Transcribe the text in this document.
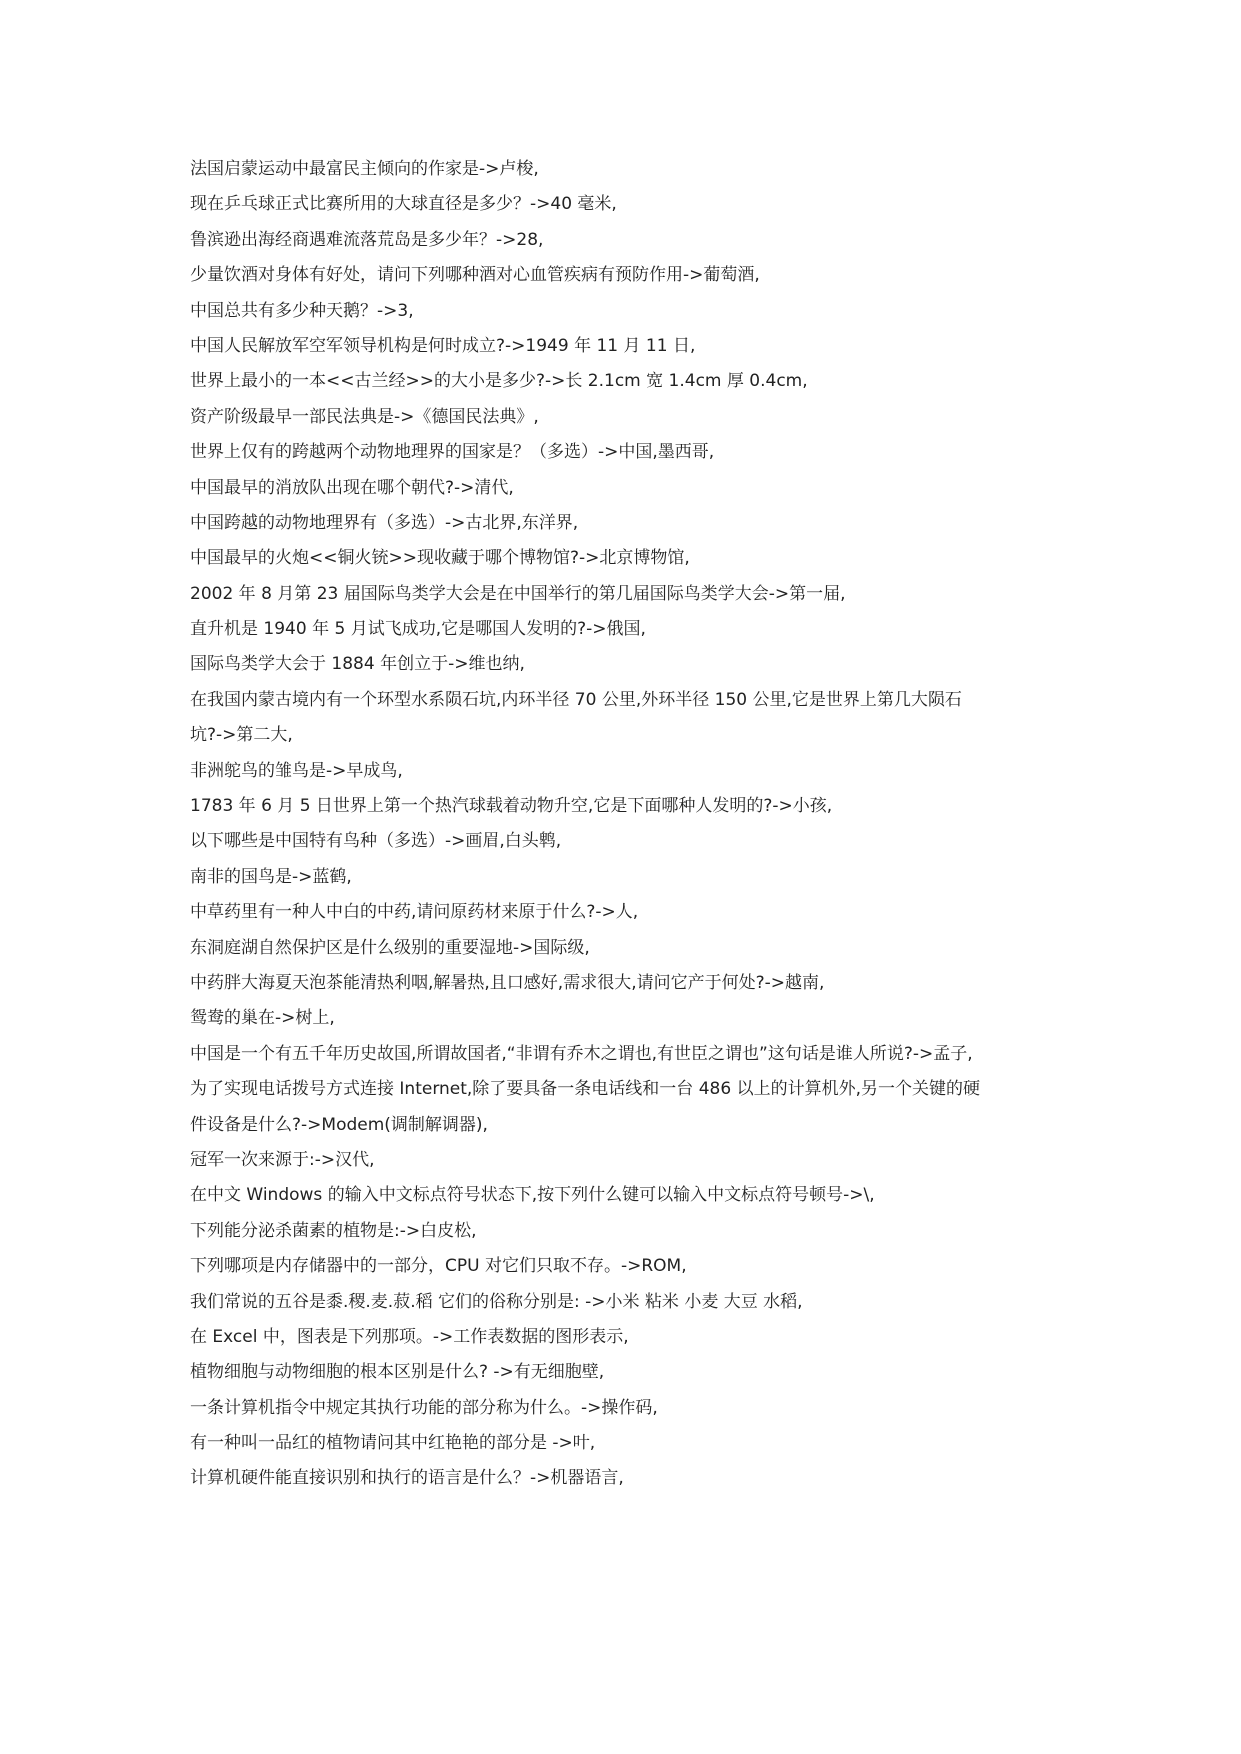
法国启蒙运动中最富民主倾向的作家是->卢梭,
现在乒乓球正式比赛所用的大球直径是多少？->40 毫米,
鲁滨逊出海经商遇难流落荒岛是多少年？->28,
少量饮酒对身体有好处，请问下列哪种酒对心血管疾病有预防作用->葡萄酒,
中国总共有多少种天鹅？->3,
中国人民解放军空军领导机构是何时成立?->1949 年 11 月 11 日,
世界上最小的一本<<古兰经>>的大小是多少?->长 2.1cm 宽 1.4cm 厚 0.4cm,
资产阶级最早一部民法典是->《德国民法典》,
世界上仅有的跨越两个动物地理界的国家是？（多选）->中国,墨西哥,
中国最早的消放队出现在哪个朝代?->清代,
中国跨越的动物地理界有（多选）->古北界,东洋界,
中国最早的火炮<<铜火铳>>现收藏于哪个博物馆?->北京博物馆,
2002 年 8 月第 23 届国际鸟类学大会是在中国举行的第几届国际鸟类学大会->第一届,
直升机是 1940 年 5 月试飞成功,它是哪国人发明的?->俄国,
国际鸟类学大会于 1884 年创立于->维也纳,
在我国内蒙古境内有一个环型水系陨石坑,内环半径 70 公里,外环半径 150 公里,它是世界上第几大陨石
坑?->第二大,
非洲鸵鸟的雏鸟是->早成鸟,
1783 年 6 月 5 日世界上第一个热汽球载着动物升空,它是下面哪种人发明的?->小孩,
以下哪些是中国特有鸟种（多选）->画眉,白头鹎,
南非的国鸟是->蓝鹤,
中草药里有一种人中白的中药,请问原药材来原于什么?->人,
东洞庭湖自然保护区是什么级别的重要湿地->国际级,
中药胖大海夏天泡茶能清热利咽,解暑热,且口感好,需求很大,请问它产于何处?->越南,
鸳鸯的巢在->树上,
中国是一个有五千年历史故国,所谓故国者,“非谓有乔木之谓也,有世臣之谓也”这句话是谁人所说?->孟子,
为了实现电话拨号方式连接 Internet,除了要具备一条电话线和一台 486 以上的计算机外,另一个关键的硬
件设备是什么?->Modem(调制解调器),
冠军一次来源于:->汉代,
在中文 Windows 的输入中文标点符号状态下,按下列什么键可以输入中文标点符号顿号->\,
下列能分泌杀菌素的植物是:->白皮松,
下列哪项是内存储器中的一部分，CPU 对它们只取不存。->ROM,
我们常说的五谷是黍.稷.麦.菽.稻 它们的俗称分别是: ->小米 粘米 小麦 大豆 水稻,
在 Excel 中，图表是下列那项。->工作表数据的图形表示,
植物细胞与动物细胞的根本区别是什么? ->有无细胞壁,
一条计算机指令中规定其执行功能的部分称为什么。->操作码,
有一种叫一品红的植物请问其中红艳艳的部分是 ->叶,
计算机硬件能直接识别和执行的语言是什么？->机器语言,
